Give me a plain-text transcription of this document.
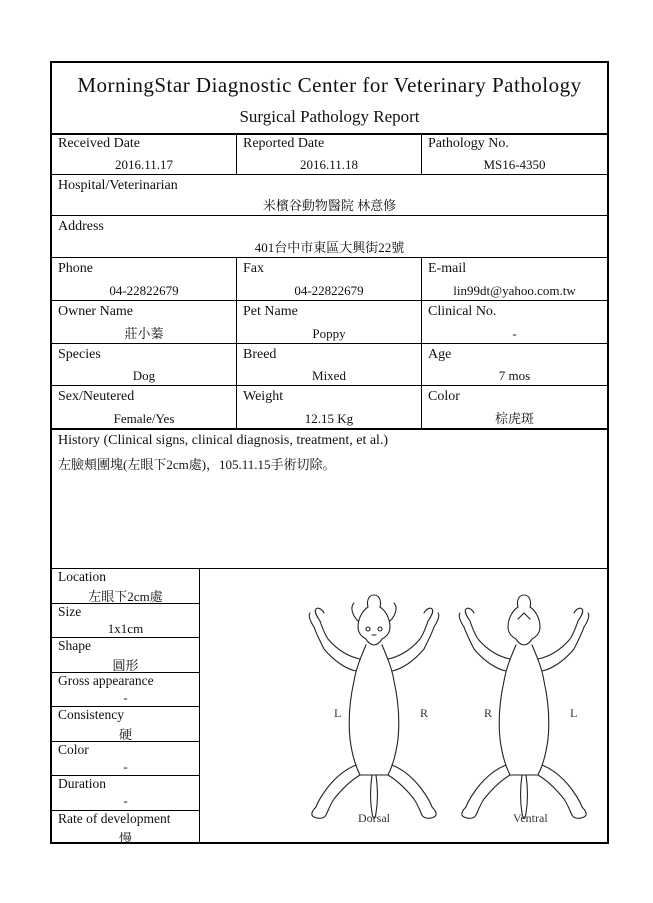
MorningStar Diagnostic Center for Veterinary Pathology
Surgical Pathology Report
Received Date
2016.11.17
Reported Date
2016.11.18
Pathology No.
MS16-4350
Hospital/Veterinarian
米檳谷動物醫院 林意修
Address
401台中市東區大興街22號
Phone
04-22822679
Fax
04-22822679
E-mail
lin99dt@yahoo.com.tw
Owner Name
莊小蓁
Pet Name
Poppy
Clinical No.
-
Species
Dog
Breed
Mixed
Age
7 mos
Sex/Neutered
Female/Yes
Weight
12.15 Kg
Color
棕虎斑
History (Clinical signs, clinical diagnosis, treatment, et al.)
左臉頰團塊(左眼下2cm處)，105.11.15手術切除。
Location
左眼下2cm處
Size
1x1cm
Shape
圓形
Gross appearance
-
Consistency
硬
Color
-
Duration
-
Rate of development
慢
L	R	R	L
Dorsal	Ventral
